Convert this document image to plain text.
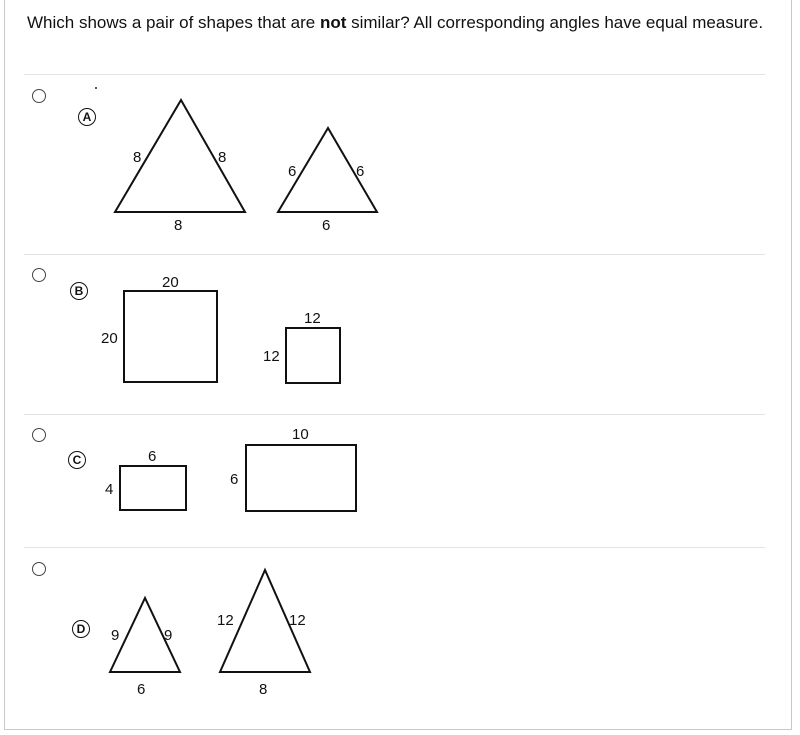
Which shows a pair of shapes that are not similar? All corresponding angles have equal measure.
A
B
C
D
8	8
8
6	6
6
20
20
12
12
6
4
10
6
9	9
6
12	12
8
